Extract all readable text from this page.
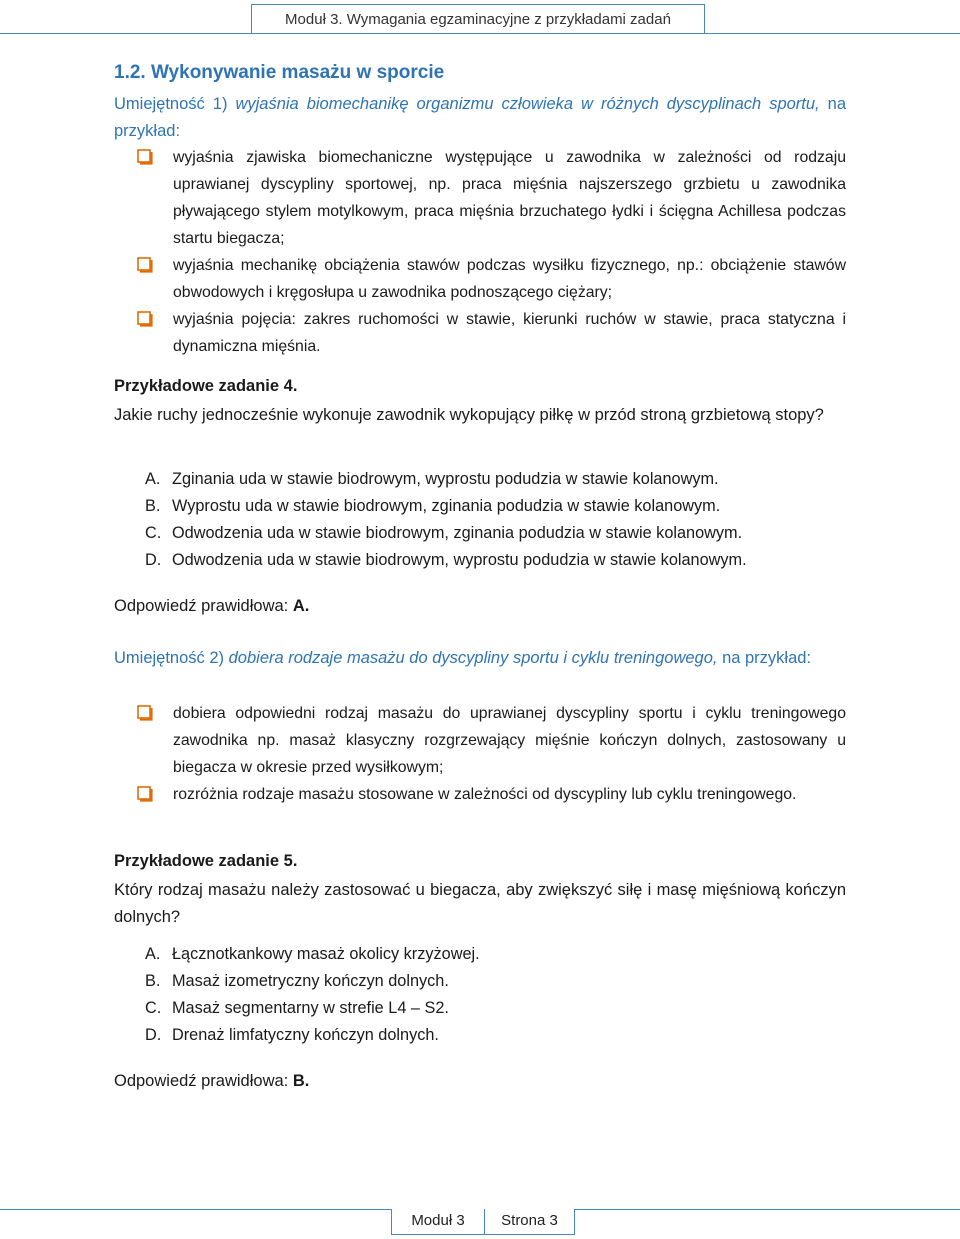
Moduł 3. Wymagania egzaminacyjne z przykładami zadań
1.2. Wykonywanie masażu w sporcie
Umiejętność 1) wyjaśnia biomechanikę organizmu człowieka w różnych dyscyplinach sportu, na przykład:
wyjaśnia zjawiska biomechaniczne występujące u zawodnika w zależności od rodzaju uprawianej dyscypliny sportowej, np. praca mięśnia najszerszego grzbietu u zawodnika pływającego stylem motylkowym, praca mięśnia brzuchatego łydki i ścięgna Achillesa podczas startu biegacza;
wyjaśnia mechanikę obciążenia stawów podczas wysiłku fizycznego, np.: obciążenie stawów obwodowych i kręgosłupa u zawodnika podnoszącego ciężary;
wyjaśnia pojęcia: zakres ruchomości w stawie, kierunki ruchów w stawie, praca statyczna i dynamiczna mięśnia.
Przykładowe zadanie 4.
Jakie ruchy jednocześnie wykonuje zawodnik wykopujący piłkę w przód stroną grzbietową stopy?
A. Zginania uda w stawie biodrowym, wyprostu podudzia w stawie kolanowym.
B. Wyprostu uda w stawie biodrowym, zginania podudzia w stawie kolanowym.
C. Odwodzenia uda w stawie biodrowym, zginania podudzia w stawie kolanowym.
D. Odwodzenia uda w stawie biodrowym, wyprostu podudzia w stawie kolanowym.
Odpowiedź prawidłowa: A.
Umiejętność 2) dobiera rodzaje masażu do dyscypliny sportu i cyklu treningowego, na przykład:
dobiera odpowiedni rodzaj masażu do uprawianej dyscypliny sportu i cyklu treningowego zawodnika np. masaż klasyczny rozgrzewający mięśnie kończyn dolnych, zastosowany u biegacza w okresie przed wysiłkowym;
rozróżnia rodzaje masażu stosowane w zależności od dyscypliny lub cyklu treningowego.
Przykładowe zadanie 5.
Który rodzaj masażu należy zastosować u biegacza, aby zwiększyć siłę i masę mięśniową kończyn dolnych?
A. Łącznotkankowy masaż okolicy krzyżowej.
B. Masaż izometryczny kończyn dolnych.
C. Masaż segmentarny w strefie L4 – S2.
D. Drenaż limfatyczny kończyn dolnych.
Odpowiedź prawidłowa: B.
Moduł 3	Strona 3
